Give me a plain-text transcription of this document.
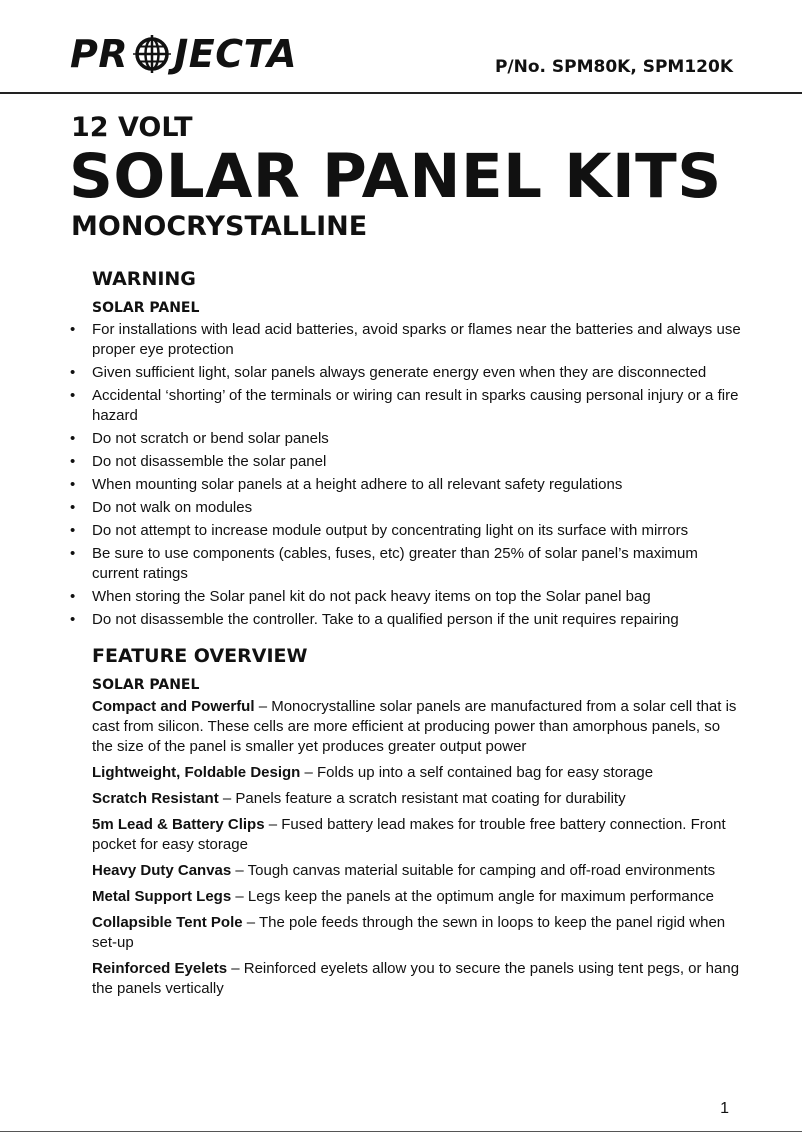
PR JECTA	P/No. SPM80K, SPM120K
12 VOLT
SOLAR PANEL KITS
MONOCRYSTALLINE
WARNING
SOLAR PANEL
• For installations with lead acid batteries, avoid sparks or flames near the batteries and always use proper eye protection
• Given sufficient light, solar panels always generate energy even when they are disconnected
• Accidental ‘shorting’ of the terminals or wiring can result in sparks causing personal injury or a fire hazard
• Do not scratch or bend solar panels
• Do not disassemble the solar panel
• When mounting solar panels at a height adhere to all relevant safety regulations
• Do not walk on modules
• Do not attempt to increase module output by concentrating light on its surface with mirrors
• Be sure to use components (cables, fuses, etc) greater than 25% of solar panel’s maximum current ratings
• When storing the Solar panel kit do not pack heavy items on top the Solar panel bag
• Do not disassemble the controller. Take to a qualified person if the unit requires repairing
FEATURE OVERVIEW
SOLAR PANEL
Compact and Powerful – Monocrystalline solar panels are manufactured from a solar cell that is cast from silicon. These cells are more efficient at producing power than amorphous panels, so the size of the panel is smaller yet produces greater output power
Lightweight, Foldable Design – Folds up into a self contained bag for easy storage
Scratch Resistant – Panels feature a scratch resistant mat coating for durability
5m Lead & Battery Clips – Fused battery lead makes for trouble free battery connection. Front pocket for easy storage
Heavy Duty Canvas – Tough canvas material suitable for camping and off-road environments
Metal Support Legs – Legs keep the panels at the optimum angle for maximum performance
Collapsible Tent Pole – The pole feeds through the sewn in loops to keep the panel rigid when set-up
Reinforced Eyelets – Reinforced eyelets allow you to secure the panels using tent pegs, or hang the panels vertically
1
